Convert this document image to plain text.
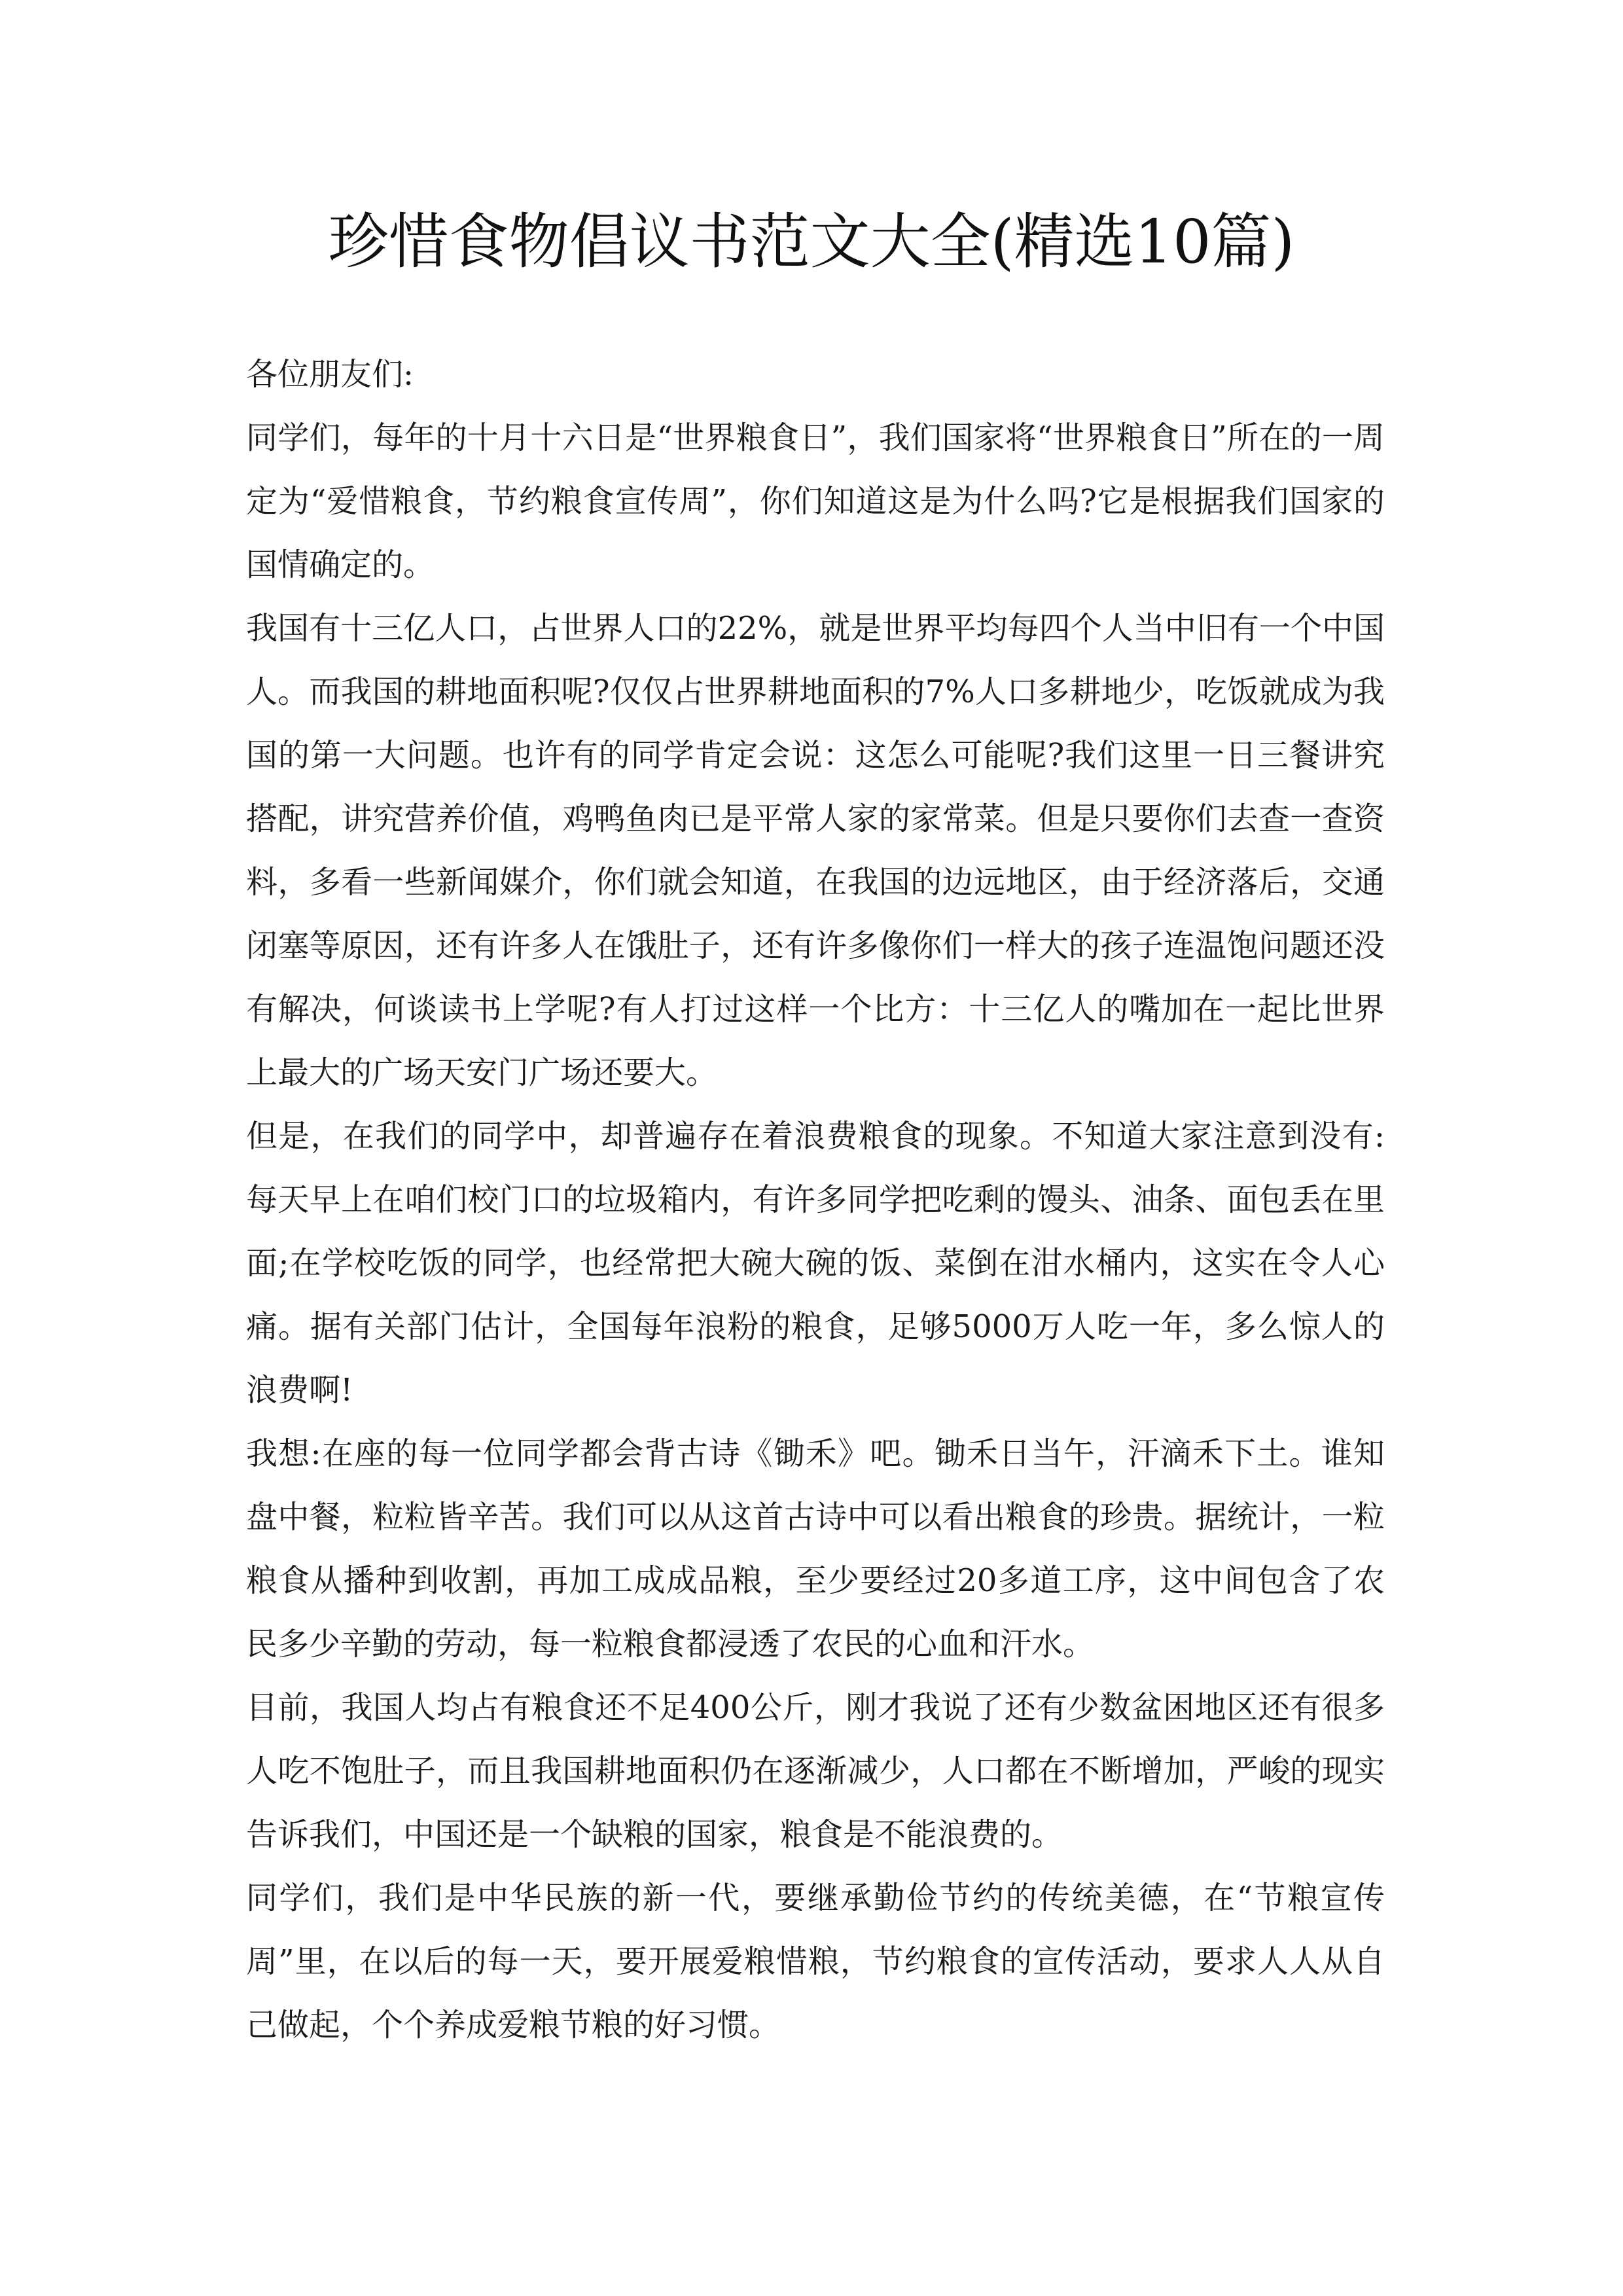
珍惜食物倡议书范文大全(精选10篇)

各位朋友们:

同学们，每年的十月十六日是“世界粮食日”，我们国家将“世界粮食日”所在的一周定为“爱惜粮食，节约粮食宣传周”，你们知道这是为什么吗?它是根据我们国家的国情确定的。

我国有十三亿人口，占世界人口的22%，就是世界平均每四个人当中旧有一个中国人。而我国的耕地面积呢?仅仅占世界耕地面积的7%人口多耕地少，吃饭就成为我国的第一大问题。也许有的同学肯定会说：这怎么可能呢?我们这里一日三餐讲究搭配，讲究营养价值，鸡鸭鱼肉已是平常人家的家常菜。但是只要你们去查一查资料，多看一些新闻媒介，你们就会知道，在我国的边远地区，由于经济落后，交通闭塞等原因，还有许多人在饿肚子，还有许多像你们一样大的孩子连温饱问题还没有解决，何谈读书上学呢?有人打过这样一个比方：十三亿人的嘴加在一起比世界上最大的广场天安门广场还要大。

但是，在我们的同学中，却普遍存在着浪费粮食的现象。不知道大家注意到没有:每天早上在咱们校门口的垃圾箱内，有许多同学把吃剩的馒头、油条、面包丢在里面;在学校吃饭的同学，也经常把大碗大碗的饭、菜倒在泔水桶内，这实在令人心痛。据有关部门估计，全国每年浪粉的粮食，足够5000万人吃一年，多么惊人的浪费啊!

我想:在座的每一位同学都会背古诗《锄禾》吧。锄禾日当午，汗滴禾下土。谁知盘中餐，粒粒皆辛苦。我们可以从这首古诗中可以看出粮食的珍贵。据统计，一粒粮食从播种到收割，再加工成成品粮，至少要经过20多道工序，这中间包含了农民多少辛勤的劳动，每一粒粮食都浸透了农民的心血和汗水。

目前，我国人均占有粮食还不足400公斤，刚才我说了还有少数盆困地区还有很多人吃不饱肚子，而且我国耕地面积仍在逐渐减少，人口都在不断增加，严峻的现实告诉我们，中国还是一个缺粮的国家，粮食是不能浪费的。

同学们，我们是中华民族的新一代，要继承勤俭节约的传统美德，在“节粮宣传周”里，在以后的每一天，要开展爱粮惜粮，节约粮食的宣传活动，要求人人从自己做起，个个养成爱粮节粮的好习惯。
